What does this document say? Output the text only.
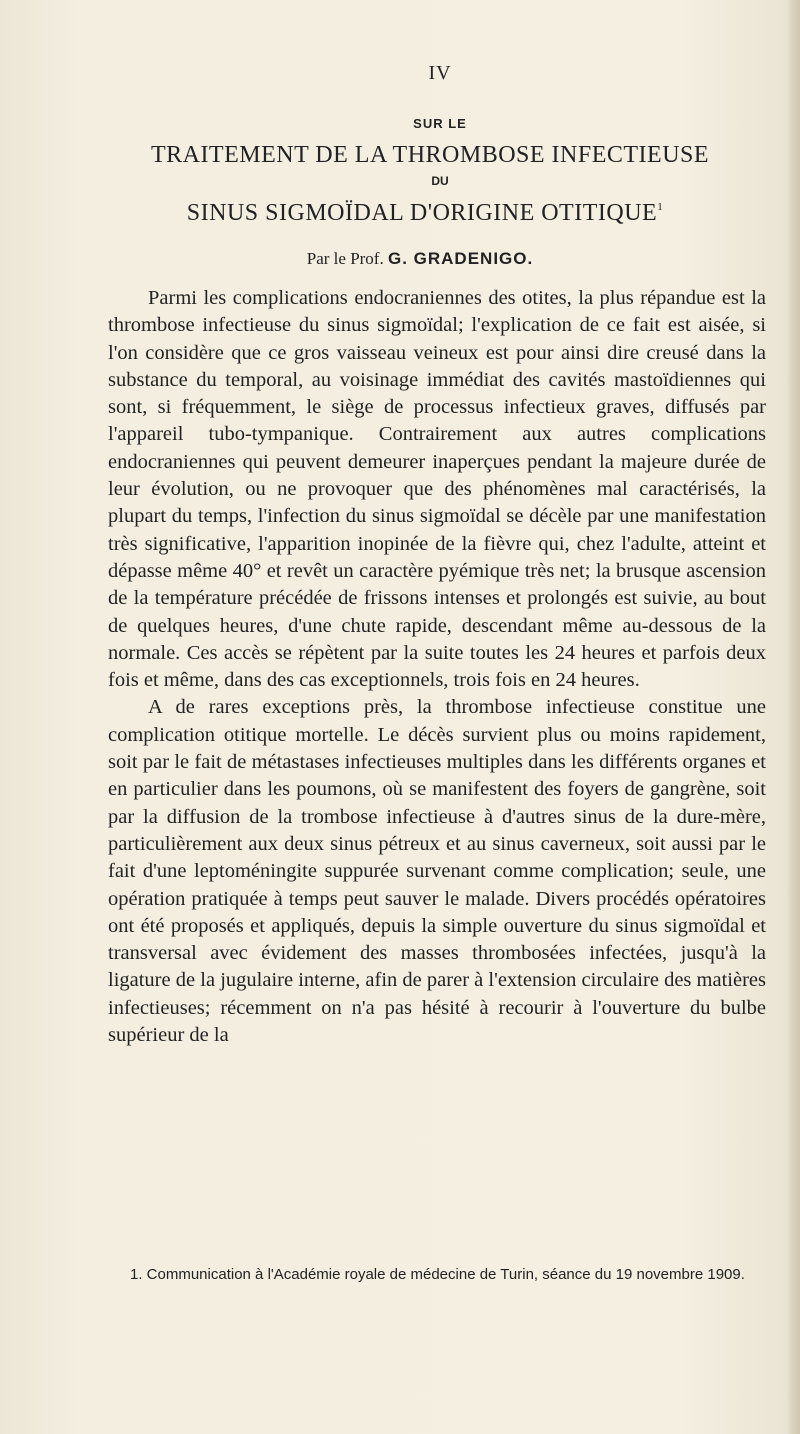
IV
SUR LE
TRAITEMENT DE LA THROMBOSE INFECTIEUSE
DU
SINUS SIGMOÏDAL D'ORIGINE OTITIQUE$^1$
Par le Prof. G. GRADENIGO.

Parmi les complications endocraniennes des otites, la plus répandue est la thrombose infectieuse du sinus sigmoïdal; l'explication de ce fait est aisée, si l'on considère que ce gros vaisseau veineux est pour ainsi dire creusé dans la substance du temporal, au voisinage immédiat des cavités mastoïdiennes qui sont, si fréquemment, le siège de processus infectieux graves, diffusés par l'appareil tubo-tympanique. Contrairement aux autres complications endocraniennes qui peuvent demeurer inaperçues pendant la majeure durée de leur évolution, ou ne provoquer que des phénomènes mal caractérisés, la plupart du temps, l'infection du sinus sigmoïdal se décèle par une manifestation très significative, l'apparition inopinée de la fièvre qui, chez l'adulte, atteint et dépasse même 40° et revêt un caractère pyémique très net; la brusque ascension de la température précédée de frissons intenses et prolongés est suivie, au bout de quelques heures, d'une chute rapide, descendant même au-dessous de la normale. Ces accès se répètent par la suite toutes les 24 heures et parfois deux fois et même, dans des cas exceptionnels, trois fois en 24 heures.

A de rares exceptions près, la thrombose infectieuse constitue une complication otitique mortelle. Le décès survient plus ou moins rapidement, soit par le fait de métastases infectieuses multiples dans les différents organes et en particulier dans les poumons, où se manifestent des foyers de gangrène, soit par la diffusion de la trombose infectieuse à d'autres sinus de la dure-mère, particulièrement aux deux sinus pétreux et au sinus caverneux, soit aussi par le fait d'une leptoméningite suppurée survenant comme complication; seule, une opération pratiquée à temps peut sauver le malade. Divers procédés opératoires ont été proposés et appliqués, depuis la simple ouverture du sinus sigmoïdal et transversal avec évidement des masses thrombosées infectées, jusqu'à la ligature de la jugulaire interne, afin de parer à l'extension circulaire des matières infectieuses; récemment on n'a pas hésité à recourir à l'ouverture du bulbe supérieur de la

1. Communication à l'Académie royale de médecine de Turin, séance du 19 novembre 1909.
